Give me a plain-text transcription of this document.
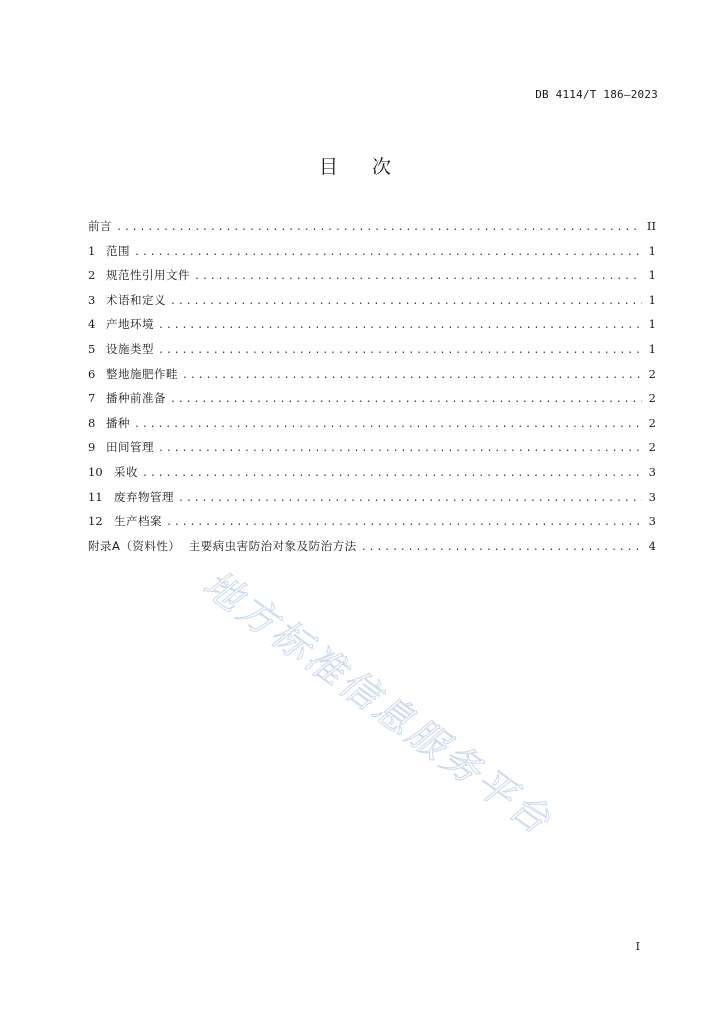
DB 4114/T 186—2023
目次
前言 .....	II
1 范围 .....	1
2 规范性引用文件 .....	1
3 术语和定义 .....	1
4 产地环境 .....	1
5 设施类型 .....	1
6 整地施肥作畦 .....	2
7 播种前准备 .....	2
8 播种 .....	2
9 田间管理 .....	2
10 采收 .....	3
11 废弃物管理 .....	3
12 生产档案 .....	3
附录A（资料性）  主要病虫害防治对象及防治方法 .....	4
地方标准信息服务平台
I
